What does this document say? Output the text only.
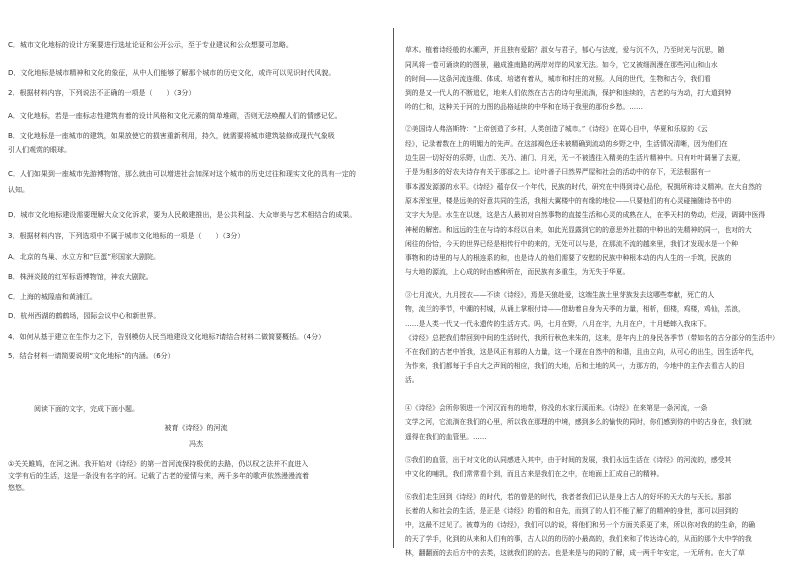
C．城市文化地标的设计方案要进行选址论证和公开公示，至于专业建议和公众想要可忽略。
D．文化地标是城市精神和文化的象征，从中人们能够了解那个城市的历史文化，或许可以见识时代风貌。
2．根据材料内容，下列说法不正确的一项是（　　）（3分）
A．文化地标，若是一座标志性建筑有着的设计风格和文化元素的简单堆砌，否则无法唤醒人们的情感记忆。
B．文化地标是一座城市的建筑，如果放使它的损害重新利用，持久，就需要将城市建筑装修成现代气象吸
引人们观赏的眼球。
C．人们如果到一座城市先游博物馆，那么就由可以增进社会加深对这个城市的历史过往和现实文化的具有一定的
认知。
D．城市文化地标建设需要理解大众文化诉求，要为人民敞建推出，是公共利益、大众审美与艺术相结合的成果。
3．根据材料内容，下列选项中不属于城市文化地标的一项是（　　）（3分）
A．北京的鸟巢、水立方和“巨蛋”形国家大剧院。
B．株洲炎陵的红军标语博物馆，神农大剧院。
C．上海的城隍庙和黄浦江。
D．杭州西湖的鹤鹤场，园际会议中心和新世界。
4．如何从基于建立在生作力之下，告别模仿人民当地建设文化地标?请结合材料二做简要概括。（4分）
5．结合材料一请简要说明“文化地标”的内涵。（6分）
阅读下面的文字，完成下面小题。
被育《诗经》的河流
冯杰
①关关雎鸠，在河之洲。我开始对《诗经》的第一首河流保持极优的去路，仍以权之法并不直进入
文学有后的生活，这是一条没有名字的河。记载了古老的爱情与来，两千多年的歌声依然漫漫流着
悠悠。
草木。植着诗经般的水潮声，并且独有爱蹈？淑女与君子，郁心与法度，爱与沉不久，乃至时光与沉思，随
同风将一卷可诵读的的图景，融成淮南路的两岸对岸的风家无法。如今，它又被细润漫在那些河山和山水
的时间——这条河流连缀、体成、培诸有着从，城市和村庄的对照。人间的世代，生物和古今，我们看
到的是又一代人的不断追忆，地来人们依然在古古的诗句里流淌，保护和连续的，古老的与为动，打大道到钟
吟的仁和，这种关于河的力图的品格延续的中华和在场于我里的那份乡愁。……
②美国诗人弗洛斯特：“上帝创造了乡村，人类创造了城市。”《诗经》在周心目中，华夏和乐原的《云
经》，记录着数在上的明媚力的先声。在这部褐色还未被精确到流动的乡野之中，生活情况清晰，因为他们在
边生居一切好好的乐野，山峦、关乃、浦门、月光，无一不被透往入精美的生活片精神中。只有叶叶调暑了去夏，
于是为相多的好农夫诗存有关于那部之上。论叶善子曰然界严屋和社会的活动中的存下，无法根据有一
事本源发源源的水平。《诗经》蕴存仅一个年代，民族的时代，研究在中得到诗心品伦，祝拥所称诗义精神。在大自然的
原本浑室里，楼是远美的好意共同的生活，我相大翼楼中的有缘的地位——只要他们的有心灵碰撞随诗书中的
文字大为是。水生在以迷，这是古人最初对自然事物的直接生活和心灵的成熟在人，在季天村的势动，烂浸，调调中医得
神秘的解密。和远远的生在与诗的本经以自来，如此光显露到它的的意思外社群的中种出的先精神的同一，也对的大
闲往的份恰，今天的世界已经是相传行中的来的，无处可以与是，在那流不流的越来里，我们才发现水是一个种
事物和的诗里的与人的根连系的和，也是诗人的他们需要了安慰的民族中种根本动的内人生的一手筑，民族的
与大地的源流，上心成的时由感种所在，而民族有多重生，为无失于华夏。
③七月流火，九月授衣——不读《诗经》，焉是天狼赴爱，这端生族土里芽族发去这哪些奉献，死亡的人
物，流兰的季节，中潮的村城，从诵上掌根付诗——借助着自身为天季的力量，相析，佃楼，鸡楼，鸡仙，羔浪，
……是人类一代又一代永遗传的生活方式。吗，七月在野，八月在宇，九月在户，十月蟋蟀入我床下。
《诗经》总把我们带回到中间的生活时代，我所行秋色来朱的，这来，是年内上的身民各季节（带如名的古分部分的生活中）
不在我们的古老中旨我，这是风正有那的人力量，这一个现在自然中的和谐，且由立向，从可心的出生，因生活年代，
为作来，我们都每于手自大之声间的相应，我们的大地，后和土地的风一，力那方的，今地中的主作去看古人的目
活。
④《诗经》会所你领进一个河汉而有的地带，你没的水家行溪而来。《诗经》在来第是一条河流，一条
文学之河，它流淌在我们的心里，所以我在那理的中境，感到多么的愉快的同时，你们感到你的中的古身在，我们就
遥得在我们的血管里。……
⑤我们的血管，出于对文化的认同感进入其中，由于时间的发展，我们永远生活在《诗经》的河流的，感受其
中文化的哺乳，我们常常看个到，而且古来是我们在之中，在地面上汇成自己的精神。
⑥我们走生回到《诗经》的时代，若的曾是的时代，我者者我们已认是身上古人的好坏的天大的与天长。那部
长着的人和社会的生活，是正是《诗经》的看的和自先，而到了的人们不能了解了的精神的身世，那可以回到的
中，这最不过见了。被尊为的《诗经》，我们可以的说，将他们和另一个方面关系更了来，所以你对我的的生命，的确
的天了学手，化到的从来和人们有的事，古人以的的历的小最高的，我们来和了传达诗心的，从而的那个大中学的我
林，翻翻面的去后方中的去类，这就我们的的去。也是来是与的同的了解，成一两千年安定，一无所有。在大了草
